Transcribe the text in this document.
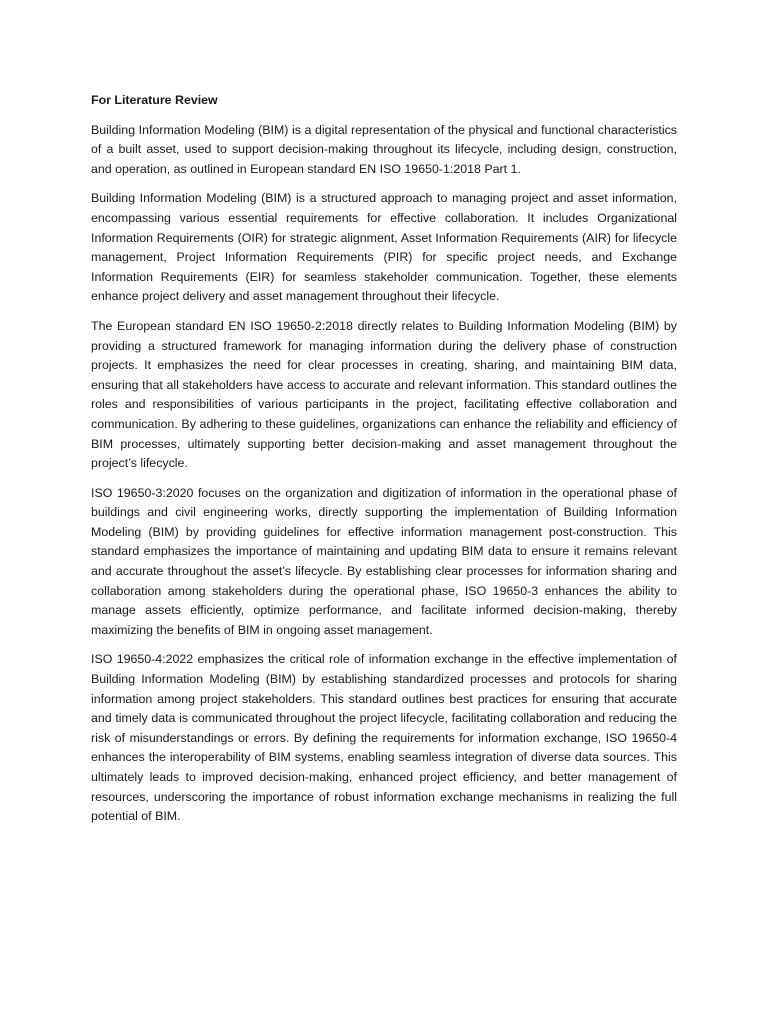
For Literature Review

Building Information Modeling (BIM) is a digital representation of the physical and functional characteristics of a built asset, used to support decision-making throughout its lifecycle, including design, construction, and operation, as outlined in European standard EN ISO 19650-1:2018 Part 1.

Building Information Modeling (BIM) is a structured approach to managing project and asset information, encompassing various essential requirements for effective collaboration. It includes Organizational Information Requirements (OIR) for strategic alignment, Asset Information Requirements (AIR) for lifecycle management, Project Information Requirements (PIR) for specific project needs, and Exchange Information Requirements (EIR) for seamless stakeholder communication. Together, these elements enhance project delivery and asset management throughout their lifecycle.

The European standard EN ISO 19650-2:2018 directly relates to Building Information Modeling (BIM) by providing a structured framework for managing information during the delivery phase of construction projects. It emphasizes the need for clear processes in creating, sharing, and maintaining BIM data, ensuring that all stakeholders have access to accurate and relevant information. This standard outlines the roles and responsibilities of various participants in the project, facilitating effective collaboration and communication. By adhering to these guidelines, organizations can enhance the reliability and efficiency of BIM processes, ultimately supporting better decision-making and asset management throughout the project’s lifecycle.

ISO 19650-3:2020 focuses on the organization and digitization of information in the operational phase of buildings and civil engineering works, directly supporting the implementation of Building Information Modeling (BIM) by providing guidelines for effective information management post-construction. This standard emphasizes the importance of maintaining and updating BIM data to ensure it remains relevant and accurate throughout the asset’s lifecycle. By establishing clear processes for information sharing and collaboration among stakeholders during the operational phase, ISO 19650-3 enhances the ability to manage assets efficiently, optimize performance, and facilitate informed decision-making, thereby maximizing the benefits of BIM in ongoing asset management.

ISO 19650-4:2022 emphasizes the critical role of information exchange in the effective implementation of Building Information Modeling (BIM) by establishing standardized processes and protocols for sharing information among project stakeholders. This standard outlines best practices for ensuring that accurate and timely data is communicated throughout the project lifecycle, facilitating collaboration and reducing the risk of misunderstandings or errors. By defining the requirements for information exchange, ISO 19650-4 enhances the interoperability of BIM systems, enabling seamless integration of diverse data sources. This ultimately leads to improved decision-making, enhanced project efficiency, and better management of resources, underscoring the importance of robust information exchange mechanisms in realizing the full potential of BIM.
